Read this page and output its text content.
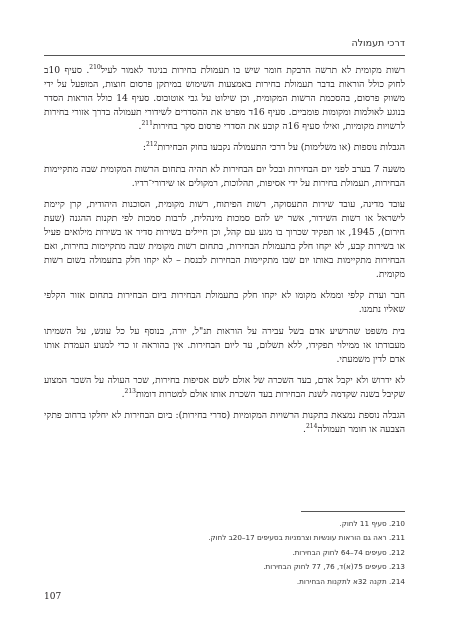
דרכי תעמולה

רשות מקומית לא תרשה הדבקת חומר שיש בו תעמולת בחירות בניגוד לאמור לעיל$^{210}$. סעיף 10ב לחוק כולל הוראות בדבר תעמולת בחירות באמצעות השימוש במיתקן פרסום חוצות, המופעל על ידי משווק פרסום, בהסכמת הרשות המקומית, וכן שילוט על גבי אוטובוס. סעיף 14 כולל הוראות הסדר בנוגע לאולמות ומקומות פומביים. סעיף 16ד מפרט את ההסדרים לשידורי תעמולה בדרך אזורי בחירות לרשויות מקומיות, ואילו סעיף 16ה קובע את הסדרי פרסום סקר בחירות$^{211}$.

הגבלות נוספות (או משלימות) על דרכי התעמולה נקבעו בחוק הבחירות$^{212}$:

משעה 7 בערב לפני יום הבחירות ובכל יום הבחירות לא תהיה בתחום הרשות המקומית שבה מתקיימות הבחירות, תעמולת בחירות על ידי אסיפות, תהלוכות, רמקולים או שידורי־רדיו.

עובד מדינה, עובד שירות התעסוקה, רשות הפיתוח, רשות מקומית, הסוכנות היהודית, קרן קיימת לישראל או רשות השידור, אשר יש להם סמכות מינהלית, לרבות סמכות לפי תקנות ההגנה (שעת חירום), 1945, או תפקיד שכרוך בו מגע עם קהל, וכן חיילים בשירות סדיר או בשירות מילואים פעיל או בשירות קבע, לא יקחו חלק בתעמולת הבחירות, בתחום רשות מקומית שבה מתקיימות בחירות, ואם הבחירות מתקיימות באותו יום שבו מתקיימות הבחירות לכנסת – לא יקחו חלק בתעמולה בשום רשות מקומית.

חבר ועדת קלפי וממלא מקומו לא יקחו חלק בתעמולת הבחירות ביום הבחירות בתחום אזור הקלפי שאליו נתמנו.

בית משפט שהרשיע אדם בשל עבירה על הוראות תנ"ל, יורה, בנוסף על כל עונש, על השמיתו מעבודתו או ממילוי תפקידו, ללא תשלום, עד ליום הבחירות. אין בהוראה זו כדי למנוע העמדת אותו אדם לדין משמעתי.

לא ידרוש ולא יקבל אדם, בעד השכרה של אולם לשם אסיפות בחירות, שכר העולה על השכר המצוע שקיבל בשנה שקדמה לשנת הבחירות בעד השכרת אותו אולם למטרות דומות$^{213}$.

הגבלה נוספת נמצאת בתקנות הרשויות המקומיות (סדרי בחירות): ביום הבחירות לא יחלקו ברחוב פתקי הצבעה או חומר תעמולה$^{214}$.

210. סעיף 11 לחוק.
211. ראה גם הוראות עונשיות וצרמניות בסעיפים 17–20ב לחוק.
212. סעיפים 74–64 לחוק הבחירות.
213. סעיפים 75(א)ד, 76, 77 לחוק הבחירות.
214. תקנה 32א לתקנות הבחירות.
107
